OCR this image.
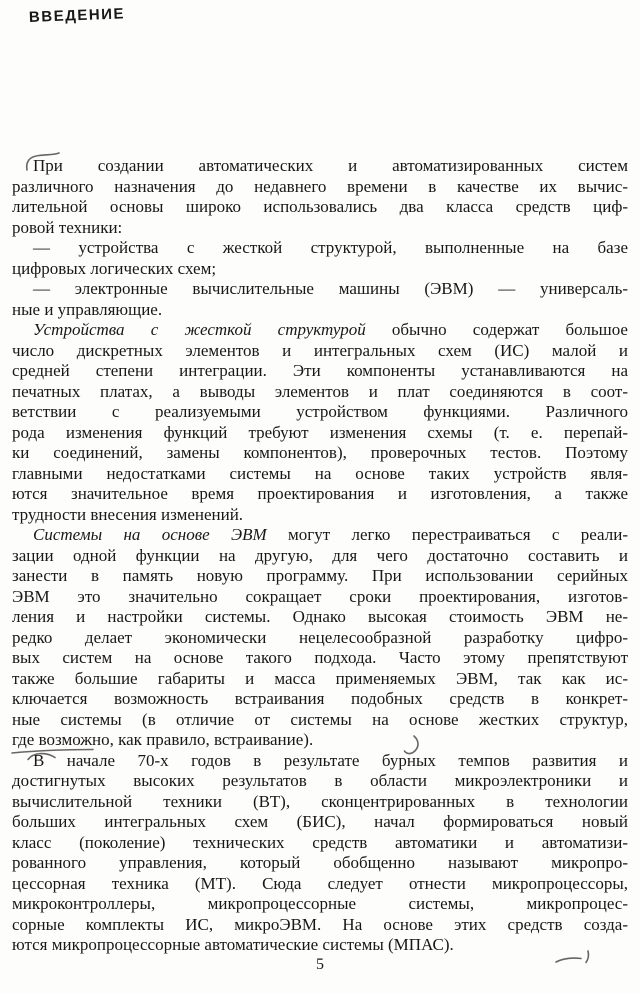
ВВЕДЕНИЕ
При создании автоматических и автоматизированных систем
различного назначения до недавнего времени в качестве их вычис-
лительной основы широко использовались два класса средств циф-
ровой техники:
— устройства с жесткой структурой, выполненные на базе
цифровых логических схем;
— электронные вычислительные машины (ЭВМ) — универсаль-
ные и управляющие.
Устройства с жесткой структурой обычно содержат большое
число дискретных элементов и интегральных схем (ИС) малой и
средней степени интеграции. Эти компоненты устанавливаются на
печатных платах, а выводы элементов и плат соединяются в соот-
ветствии с реализуемыми устройством функциями. Различного
рода изменения функций требуют изменения схемы (т. е. перепай-
ки соединений, замены компонентов), проверочных тестов. Поэтому
главными недостатками системы на основе таких устройств явля-
ются значительное время проектирования и изготовления, а также
трудности внесения изменений.
Системы на основе ЭВМ могут легко перестраиваться с реали-
зации одной функции на другую, для чего достаточно составить и
занести в память новую программу. При использовании серийных
ЭВМ это значительно сокращает сроки проектирования, изготов-
ления и настройки системы. Однако высокая стоимость ЭВМ не-
редко делает экономически нецелесообразной разработку цифро-
вых систем на основе такого подхода. Часто этому препятствуют
также большие габариты и масса применяемых ЭВМ, так как ис-
ключается возможность встраивания подобных средств в конкрет-
ные системы (в отличие от системы на основе жестких структур,
где возможно, как правило, встраивание).
В начале 70-х годов в результате бурных темпов развития и
достигнутых высоких результатов в области микроэлектроники и
вычислительной техники (ВТ), сконцентрированных в технологии
больших интегральных схем (БИС), начал формироваться новый
класс (поколение) технических средств автоматики и автоматизи-
рованного управления, который обобщенно называют микропро-
цессорная техника (МТ). Сюда следует отнести микропроцессоры,
микроконтроллеры, микропроцессорные системы, микропроцес-
сорные комплекты ИС, микроЭВМ. На основе этих средств созда-
ются микропроцессорные автоматические системы (МПАС).
5
